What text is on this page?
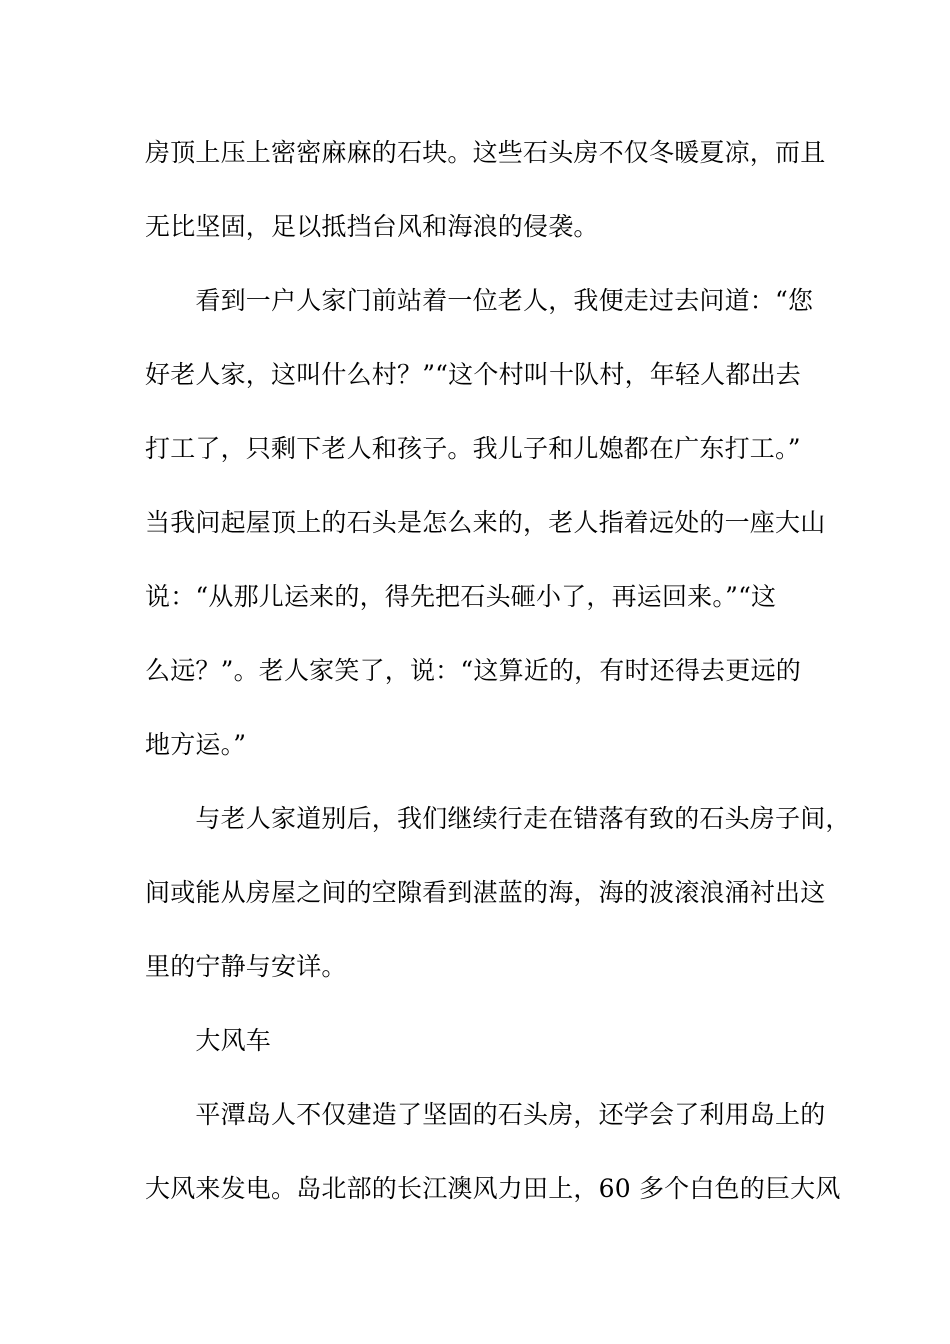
房顶上压上密密麻麻的石块。这些石头房不仅冬暖夏凉，而且
无比坚固，足以抵挡台风和海浪的侵袭。
　　看到一户人家门前站着一位老人，我便走过去问道：“您
好老人家，这叫什么村？”“这个村叫十队村，年轻人都出去
打工了，只剩下老人和孩子。我儿子和儿媳都在广东打工。”
当我问起屋顶上的石头是怎么来的，老人指着远处的一座大山
说：“从那儿运来的，得先把石头砸小了，再运回来。”“这
么远？”。老人家笑了，说：“这算近的，有时还得去更远的
地方运。”
　　与老人家道别后，我们继续行走在错落有致的石头房子间，
间或能从房屋之间的空隙看到湛蓝的海，海的波滚浪涌衬出这
里的宁静与安详。
　　大风车
　　平潭岛人不仅建造了坚固的石头房，还学会了利用岛上的
大风来发电。岛北部的长江澳风力田上，60 多个白色的巨大风
